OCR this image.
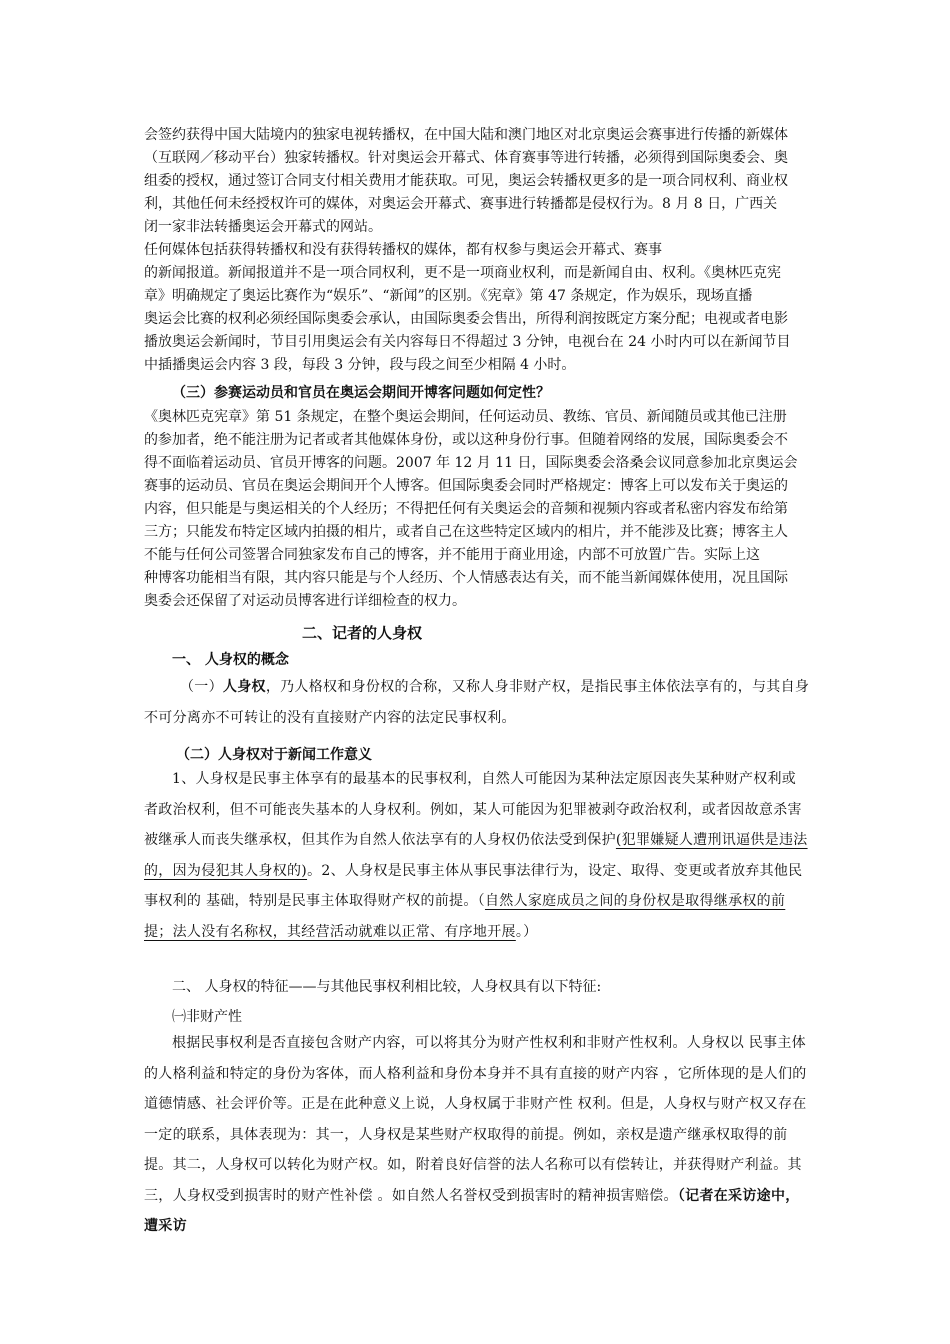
会签约获得中国大陆境内的独家电视转播权，在中国大陆和澳门地区对北京奥运会赛事进行传播的新媒体
（互联网／移动平台）独家转播权。针对奥运会开幕式、体育赛事等进行转播，必须得到国际奥委会、奥
组委的授权，通过签订合同支付相关费用才能获取。可见，奥运会转播权更多的是一项合同权利、商业权
利，其他任何未经授权许可的媒体，对奥运会开幕式、赛事进行转播都是侵权行为。8 月 8 日，广西关
闭一家非法转播奥运会开幕式的网站。
任何媒体包括获得转播权和没有获得转播权的媒体，都有权参与奥运会开幕式、赛事
的新闻报道。新闻报道并不是一项合同权利，更不是一项商业权利，而是新闻自由、权利。《奥林匹克宪
章》明确规定了奥运比赛作为“娱乐”、“新闻”的区别。《宪章》第 47 条规定，作为娱乐，现场直播
奥运会比赛的权利必须经国际奥委会承认，由国际奥委会售出，所得利润按既定方案分配；电视或者电影
播放奥运会新闻时，节目引用奥运会有关内容每日不得超过 3 分钟，电视台在 24 小时内可以在新闻节目
中插播奥运会内容 3 段，每段 3 分钟，段与段之间至少相隔 4 小时。
（三）参赛运动员和官员在奥运会期间开博客问题如何定性？
《奥林匹克宪章》第 51 条规定，在整个奥运会期间，任何运动员、教练、官员、新闻随员或其他已注册
的参加者，绝不能注册为记者或者其他媒体身份，或以这种身份行事。但随着网络的发展，国际奥委会不
得不面临着运动员、官员开博客的问题。2007 年 12 月 11 日，国际奥委会洛桑会议同意参加北京奥运会
赛事的运动员、官员在奥运会期间开个人博客。但国际奥委会同时严格规定：博客上可以发布关于奥运的
内容，但只能是与奥运相关的个人经历；不得把任何有关奥运会的音频和视频内容或者私密内容发布给第
三方；只能发布特定区域内拍摄的相片，或者自己在这些特定区域内的相片，并不能涉及比赛；博客主人
不能与任何公司签署合同独家发布自己的博客，并不能用于商业用途，内部不可放置广告。实际上这
种博客功能相当有限，其内容只能是与个人经历、个人情感表达有关，而不能当新闻媒体使用，况且国际
奥委会还保留了对运动员博客进行详细检查的权力。
二、记者的人身权
一、 人身权的概念
（一）人身权，乃人格权和身份权的合称，又称人身非财产权，是指民事主体依法享有的，与其自身不可分离亦不可转让的没有直接财产内容的法定民事权利。
（二）人身权对于新闻工作意义
1、人身权是民事主体享有的最基本的民事权利，自然人可能因为某种法定原因丧失某种财产权利或者政治权利，但不可能丧失基本的人身权利。例如，某人可能因为犯罪被剥夺政治权利，或者因故意杀害被继承人而丧失继承权，但其作为自然人依法享有的人身权仍依法受到保护(犯罪嫌疑人遭刑讯逼供是违法的，因为侵犯其人身权的)。2、人身权是民事主体从事民事法律行为，设定、取得、变更或者放弃其他民事权利的 基础，特别是民事主体取得财产权的前提。（自然人家庭成员之间的身份权是取得继承权的前提；法人没有名称权，其经营活动就难以正常、有序地开展。）
二、 人身权的特征——与其他民事权利相比较，人身权具有以下特征:
㈠非财产性
根据民事权利是否直接包含财产内容，可以将其分为财产性权利和非财产性权利。人身权以 民事主体的人格利益和特定的身份为客体，而人格利益和身份本身并不具有直接的财产内容 ，它所体现的是人们的道德情感、社会评价等。正是在此种意义上说，人身权属于非财产性 权利。但是，人身权与财产权又存在一定的联系，具体表现为：其一，人身权是某些财产权取得的前提。例如，亲权是遗产继承权取得的前提。其二，人身权可以转化为财产权。如，附着良好信誉的法人名称可以有偿转让，并获得财产利益。其三，人身权受到损害时的财产性补偿 。如自然人名誉权受到损害时的精神损害赔偿。（记者在采访途中，遭采访
